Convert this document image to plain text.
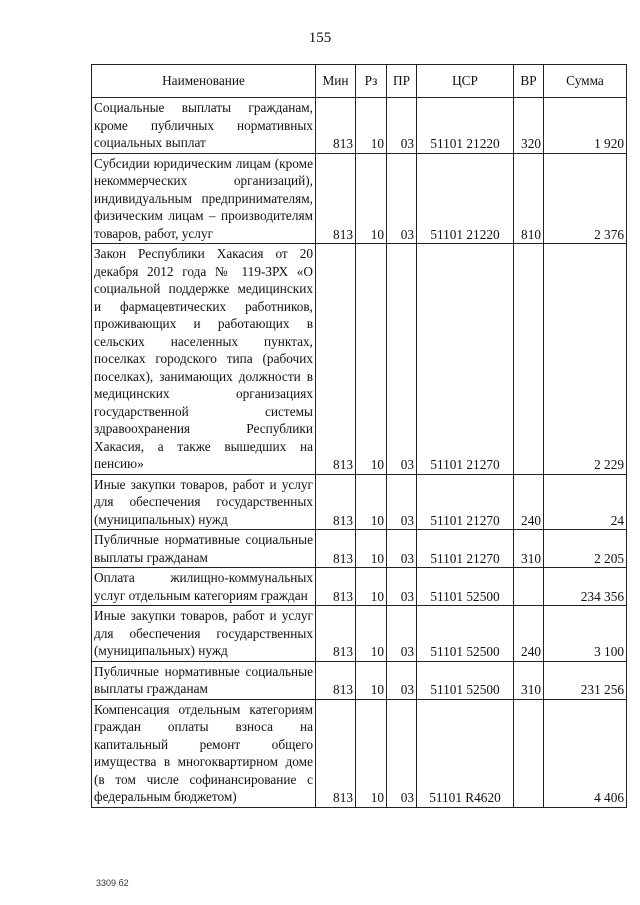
155
Наименование	Мин	Рз	ПР	ЦСР	ВР	Сумма
Социальные выплаты гражданам, кроме публичных нормативных социальных выплат	813	10	03	51101 21220	320	1 920
Субсидии юридическим лицам (кроме некоммерческих организаций), индивидуальным предпринимателям, физическим лицам – производителям товаров, работ, услуг	813	10	03	51101 21220	810	2 376
Закон Республики Хакасия от 20 декабря 2012 года № 119-ЗРХ «О социальной поддержке медицинских и фармацевтических работников, проживающих и работающих в сельских населенных пунктах, поселках городского типа (рабочих поселках), занимающих должности в медицинских организациях государственной системы здравоохранения Республики Хакасия, а также вышедших на пенсию»	813	10	03	51101 21270		2 229
Иные закупки товаров, работ и услуг для обеспечения государственных (муниципальных) нужд	813	10	03	51101 21270	240	24
Публичные нормативные социальные выплаты гражданам	813	10	03	51101 21270	310	2 205
Оплата жилищно-коммунальных услуг отдельным категориям граждан	813	10	03	51101 52500		234 356
Иные закупки товаров, работ и услуг для обеспечения государственных (муниципальных) нужд	813	10	03	51101 52500	240	3 100
Публичные нормативные социальные выплаты гражданам	813	10	03	51101 52500	310	231 256
Компенсация отдельным категориям граждан оплаты взноса на капитальный ремонт общего имущества в многоквартирном доме (в том числе софинансирование с федеральным бюджетом)	813	10	03	51101 R4620		4 406
3309 б2
